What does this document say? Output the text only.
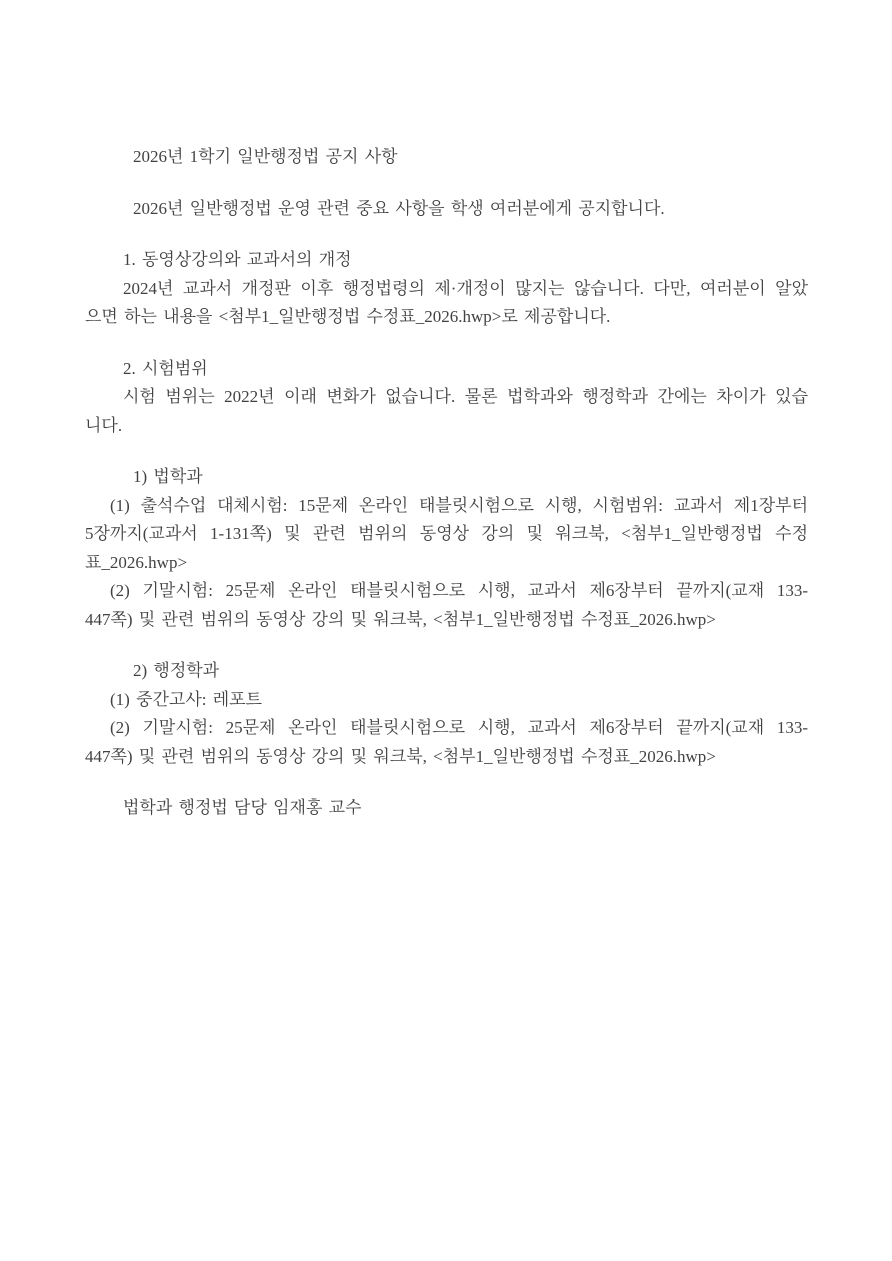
2026년 1학기 일반행정법 공지 사항
2026년 일반행정법 운영 관련 중요 사항을 학생 여러분에게 공지합니다.
1. 동영상강의와 교과서의 개정
2024년 교과서 개정판 이후 행정법령의 제·개정이 많지는 않습니다. 다만, 여러분이 알았
으면 하는 내용을 <첨부1_일반행정법 수정표_2026.hwp>로 제공합니다.
2. 시험범위
시험 범위는 2022년 이래 변화가 없습니다. 물론 법학과와 행정학과 간에는 차이가 있습
니다.
1) 법학과
(1) 출석수업 대체시험: 15문제 온라인 태블릿시험으로 시행, 시험범위: 교과서 제1장부터
5장까지(교과서 1-131쪽) 및 관련 범위의 동영상 강의 및 워크북, <첨부1_일반행정법 수정
표_2026.hwp>
(2) 기말시험: 25문제 온라인 태블릿시험으로 시행, 교과서 제6장부터 끝까지(교재 133-
447쪽) 및 관련 범위의 동영상 강의 및 워크북, <첨부1_일반행정법 수정표_2026.hwp>
2) 행정학과
(1) 중간고사: 레포트
(2) 기말시험: 25문제 온라인 태블릿시험으로 시행, 교과서 제6장부터 끝까지(교재 133-
447쪽) 및 관련 범위의 동영상 강의 및 워크북, <첨부1_일반행정법 수정표_2026.hwp>
법학과 행정법 담당 임재홍 교수
